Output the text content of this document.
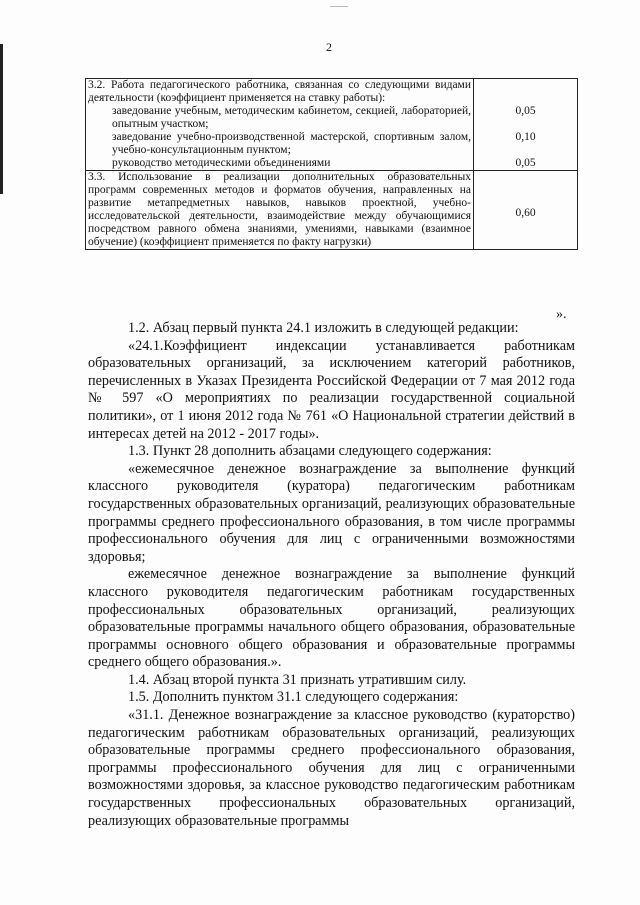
2
3.2. Работа педагогического работника, связанная со следующими видами деятельности (коэффициент применяется на ставку работы):	

заведование учебным, методическим кабинетом, секцией, лабораторией, опытным участком;	0,05

заведование учебно-производственной мастерской, спортивным залом, учебно-консультационным пунктом;	0,10

руководство методическими объединениями	0,05

3.3. Использование в реализации дополнительных образовательных программ современных методов и форматов обучения, направленных на развитие метапредметных навыков, навыков проектной, учебно-исследовательской деятельности, взаимодействие между обучающимися посредством равного обмена знаниями, умениями, навыками (взаимное обучение) (коэффициент применяется по факту нагрузки)	0,60
».

1.2. Абзац первый пункта 24.1 изложить в следующей редакции:

«24.1.Коэффициент индексации устанавливается работникам образовательных организаций, за исключением категорий работников, перечисленных в Указах Президента Российской Федерации от 7 мая 2012 года № 597 «О мероприятиях по реализации государственной социальной политики», от 1 июня 2012 года № 761 «О Национальной стратегии действий в интересах детей на 2012 - 2017 годы».

1.3. Пункт 28 дополнить абзацами следующего содержания:

«ежемесячное денежное вознаграждение за выполнение функций классного руководителя (куратора) педагогическим работникам государственных образовательных организаций, реализующих образовательные программы среднего профессионального образования, в том числе программы профессионального обучения для лиц с ограниченными возможностями здоровья;

ежемесячное денежное вознаграждение за выполнение функций классного руководителя педагогическим работникам государственных профессиональных образовательных организаций, реализующих образовательные программы начального общего образования, образовательные программы основного общего образования и образовательные программы среднего общего образования.».

1.4. Абзац второй пункта 31 признать утратившим силу.

1.5. Дополнить пунктом 31.1 следующего содержания:

«31.1. Денежное вознаграждение за классное руководство (кураторство) педагогическим работникам образовательных организаций, реализующих образовательные программы среднего профессионального образования, программы профессионального обучения для лиц с ограниченными возможностями здоровья, за классное руководство педагогическим работникам государственных профессиональных образовательных организаций, реализующих образовательные программы
